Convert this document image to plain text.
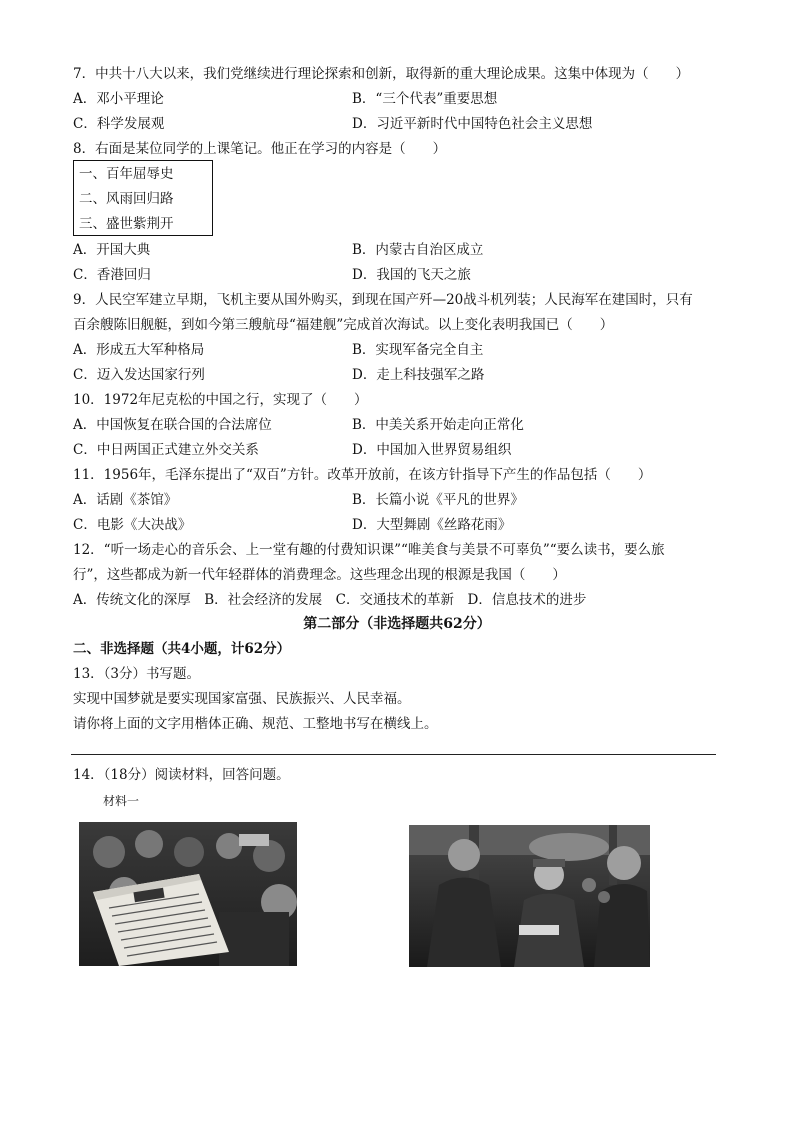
7．中共十八大以来，我们党继续进行理论探索和创新，取得新的重大理论成果。这集中体现为（　　）
A．邓小平理论	B．“三个代表”重要思想
C．科学发展观	D．习近平新时代中国特色社会主义思想
8．右面是某位同学的上课笔记。他正在学习的内容是（　　）
一、百年屈辱史
二、风雨回归路
三、盛世紫荆开
A．开国大典	B．内蒙古自治区成立
C．香港回归	D．我国的飞天之旅
9．人民空军建立早期，飞机主要从国外购买，到现在国产歼—20战斗机列装；人民海军在建国时，只有
百余艘陈旧舰艇，到如今第三艘航母“福建舰”完成首次海试。以上变化表明我国已（　　）
A．形成五大军种格局	B．实现军备完全自主
C．迈入发达国家行列	D．走上科技强军之路
10．1972年尼克松的中国之行，实现了（　　）
A．中国恢复在联合国的合法席位	B．中美关系开始走向正常化
C．中日两国正式建立外交关系	D．中国加入世界贸易组织
11．1956年，毛泽东提出了“双百”方针。改革开放前，在该方针指导下产生的作品包括（　　）
A．话剧《茶馆》	B．长篇小说《平凡的世界》
C．电影《大决战》	D．大型舞剧《丝路花雨》
12．“听一场走心的音乐会、上一堂有趣的付费知识课”“唯美食与美景不可辜负”“要么读书，要么旅
行”，这些都成为新一代年轻群体的消费理念。这些理念出现的根源是我国（　　）
A．传统文化的深厚　B．社会经济的发展　C．交通技术的革新　D．信息技术的进步
第二部分（非选择题共62分）
二、非选择题（共4小题，计62分）
13．（3分）书写题。
实现中国梦就是要实现国家富强、民族振兴、人民幸福。
请你将上面的文字用楷体正确、规范、工整地书写在横线上。
14．（18分）阅读材料，回答问题。
材料一
